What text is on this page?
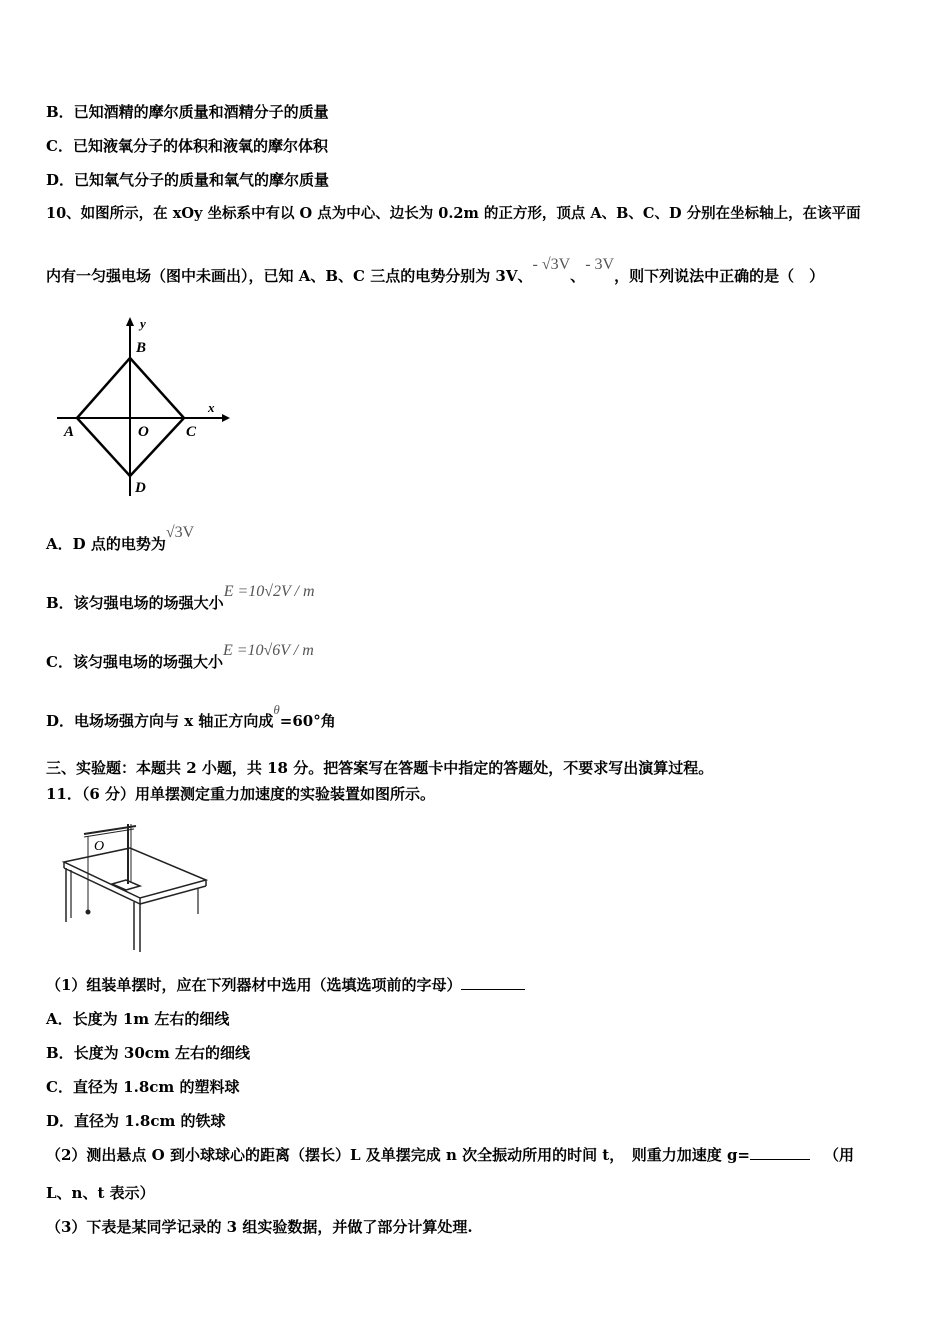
B．已知酒精的摩尔质量和酒精分子的质量
C．已知液氧分子的体积和液氧的摩尔体积
D．已知氧气分子的质量和氧气的摩尔质量
10、如图所示，在 xOy 坐标系中有以 O 点为中心、边长为 0.2m 的正方形，顶点 A、B、C、D 分别在坐标轴上，在该平面
内有一匀强电场（图中未画出），已知 A、B、C 三点的电势分别为 3V、- √3V、- 3V，则下列说法中正确的是（　）
y
x
B
A	O C
D
A．D 点的电势为√3V
B．该匀强电场的场强大小E =10√2V / m
C．该匀强电场的场强大小E =10√6V / m
D．电场场强方向与 x 轴正方向成θ=60°角
三、实验题：本题共 2 小题，共 18 分。把答案写在答题卡中指定的答题处，不要求写出演算过程。
11．（6 分）用单摆测定重力加速度的实验装置如图所示。
O
（1）组装单摆时，应在下列器材中选用（选填选项前的字母）
A．长度为 1m 左右的细线
B．长度为 30cm 左右的细线
C．直径为 1.8cm 的塑料球
D．直径为 1.8cm 的铁球
（2）测出悬点 O 到小球球心的距离（摆长）L 及单摆完成 n 次全振动所用的时间 t，　则重力加速度 g=	（用
L、n、t 表示）
（3）下表是某同学记录的 3 组实验数据，并做了部分计算处理.
